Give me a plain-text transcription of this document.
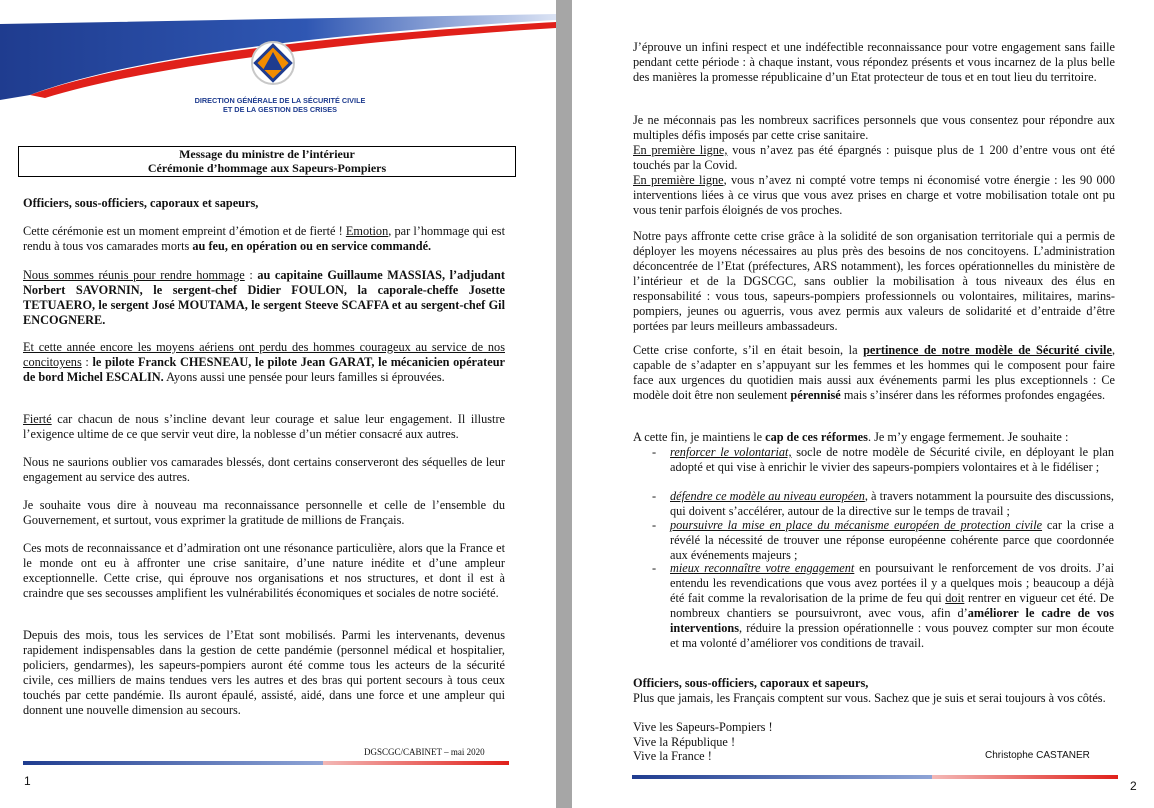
DIRECTION GÉNÉRALE DE LA SÉCURITÉ CIVILE
ET DE LA GESTION DES CRISES
Message du ministre de l’intérieur
Cérémonie d’hommage aux Sapeurs-Pompiers

Officiers, sous-officiers, caporaux et sapeurs,

Cette cérémonie est un moment empreint d’émotion et de fierté ! Emotion, par l’hommage qui est rendu à tous vos camarades morts au feu, en opération ou en service commandé.

Nous sommes réunis pour rendre hommage : au capitaine Guillaume MASSIAS, l’adjudant Norbert SAVORNIN, le sergent-chef Didier FOULON, la caporale-cheffe Josette TETUAERO, le sergent José MOUTAMA, le sergent Steeve SCAFFA et au sergent-chef Gil ENCOGNERE.

Et cette année encore les moyens aériens ont perdu des hommes courageux au service de nos concitoyens : le pilote Franck CHESNEAU, le pilote Jean GARAT, le mécanicien opérateur de bord Michel ESCALIN. Ayons aussi une pensée pour leurs familles si éprouvées.

Fierté car chacun de nous s’incline devant leur courage et salue leur engagement. Il illustre l’exigence ultime de ce que servir veut dire, la noblesse d’un métier consacré aux autres.

Nous ne saurions oublier vos camarades blessés, dont certains conserveront des séquelles de leur engagement au service des autres.

Je souhaite vous dire à nouveau ma reconnaissance personnelle et celle de l’ensemble du Gouvernement, et surtout, vous exprimer la gratitude de millions de Français.

Ces mots de reconnaissance et d’admiration ont une résonance particulière, alors que la France et le monde ont eu à affronter une crise sanitaire, d’une nature inédite et d’une ampleur exceptionnelle. Cette crise, qui éprouve nos organisations et nos structures, et dont il est à craindre que ses secousses amplifient les vulnérabilités économiques et sociales de notre société.

Depuis des mois, tous les services de l’Etat sont mobilisés. Parmi les intervenants, devenus rapidement indispensables dans la gestion de cette pandémie (personnel médical et hospitalier, policiers, gendarmes), les sapeurs-pompiers auront été comme tous les acteurs de la sécurité civile, ces milliers de mains tendues vers les autres et des bras qui portent secours à tous ceux touchés par cette pandémie. Ils auront épaulé, assisté, aidé, dans une force et une ampleur qui donnent une nouvelle dimension au secours.

DGSCGC/CABINET – mai 2020
1

J’éprouve un infini respect et une indéfectible reconnaissance pour votre engagement sans faille pendant cette période : à chaque instant, vous répondez présents et vous incarnez de la plus belle des manières la promesse républicaine d’un Etat protecteur de tous et en tout lieu du territoire.

Je ne méconnais pas les nombreux sacrifices personnels que vous consentez pour répondre aux multiples défis imposés par cette crise sanitaire.
En première ligne, vous n’avez pas été épargnés : puisque plus de 1 200 d’entre vous ont été touchés par la Covid.
En première ligne, vous n’avez ni compté votre temps ni économisé votre énergie : les 90 000 interventions liées à ce virus que vous avez prises en charge et votre mobilisation totale ont pu vous tenir parfois éloignés de vos proches.

Notre pays affronte cette crise grâce à la solidité de son organisation territoriale qui a permis de déployer les moyens nécessaires au plus près des besoins de nos concitoyens. L’administration déconcentrée de l’Etat (préfectures, ARS notamment), les forces opérationnelles du ministère de l’intérieur et de la DGSCGC, sans oublier la mobilisation à tous niveaux des élus en responsabilité : vous tous, sapeurs-pompiers professionnels ou volontaires, militaires, marins-pompiers, jeunes ou aguerris, vous avez permis aux valeurs de solidarité et d’entraide d’être portées par leurs meilleurs ambassadeurs.

Cette crise conforte, s’il en était besoin, la pertinence de notre modèle de Sécurité civile, capable de s’adapter en s’appuyant sur les femmes et les hommes qui le composent pour faire face aux urgences du quotidien mais aussi aux événements parmi les plus exceptionnels : Ce modèle doit être non seulement pérennisé mais s’insérer dans les réformes profondes engagées.

A cette fin, je maintiens le cap de ces réformes. Je m’y engage fermement. Je souhaite :

- renforcer le volontariat, socle de notre modèle de Sécurité civile, en déployant le plan adopté et qui vise à enrichir le vivier des sapeurs-pompiers volontaires et à le fidéliser ;

- défendre ce modèle au niveau européen, à travers notamment la poursuite des discussions, qui doivent s’accélérer, autour de la directive sur le temps de travail ;

- poursuivre la mise en place du mécanisme européen de protection civile car la crise a révélé la nécessité de trouver une réponse européenne cohérente parce que coordonnée aux événements majeurs ;

- mieux reconnaître votre engagement en poursuivant le renforcement de vos droits. J’ai entendu les revendications que vous avez portées il y a quelques mois ; beaucoup a déjà été fait comme la revalorisation de la prime de feu qui doit rentrer en vigueur cet été. De nombreux chantiers se poursuivront, avec vous, afin d’améliorer le cadre de vos interventions, réduire la pression opérationnelle : vous pouvez compter sur mon écoute et ma volonté d’améliorer vos conditions de travail.

Officiers, sous-officiers, caporaux et sapeurs,

Plus que jamais, les Français comptent sur vous. Sachez que je suis et serai toujours à vos côtés.

Vive les Sapeurs-Pompiers !

Vive la République !

Vive la France !	Christophe CASTANER
2
